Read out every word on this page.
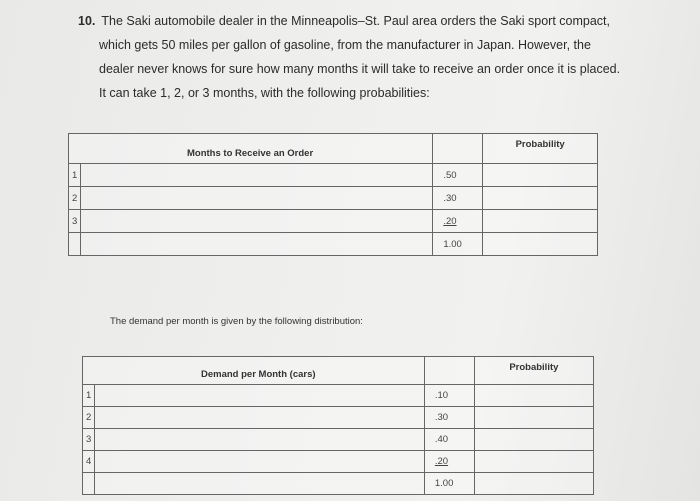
10. The Saki automobile dealer in the Minneapolis–St. Paul area orders the Saki sport compact,
which gets 50 miles per gallon of gasoline, from the manufacturer in Japan. However, the
dealer never knows for sure how many months it will take to receive an order once it is placed.
It can take 1, 2, or 3 months, with the following probabilities:
Months to Receive an Order			Probability
1		.50	
2		.30	
3		.20	
		1.00	
The demand per month is given by the following distribution:
Demand per Month (cars)			Probability
1		.10	
2		.30	
3		.40	
4		.20	
		1.00	
